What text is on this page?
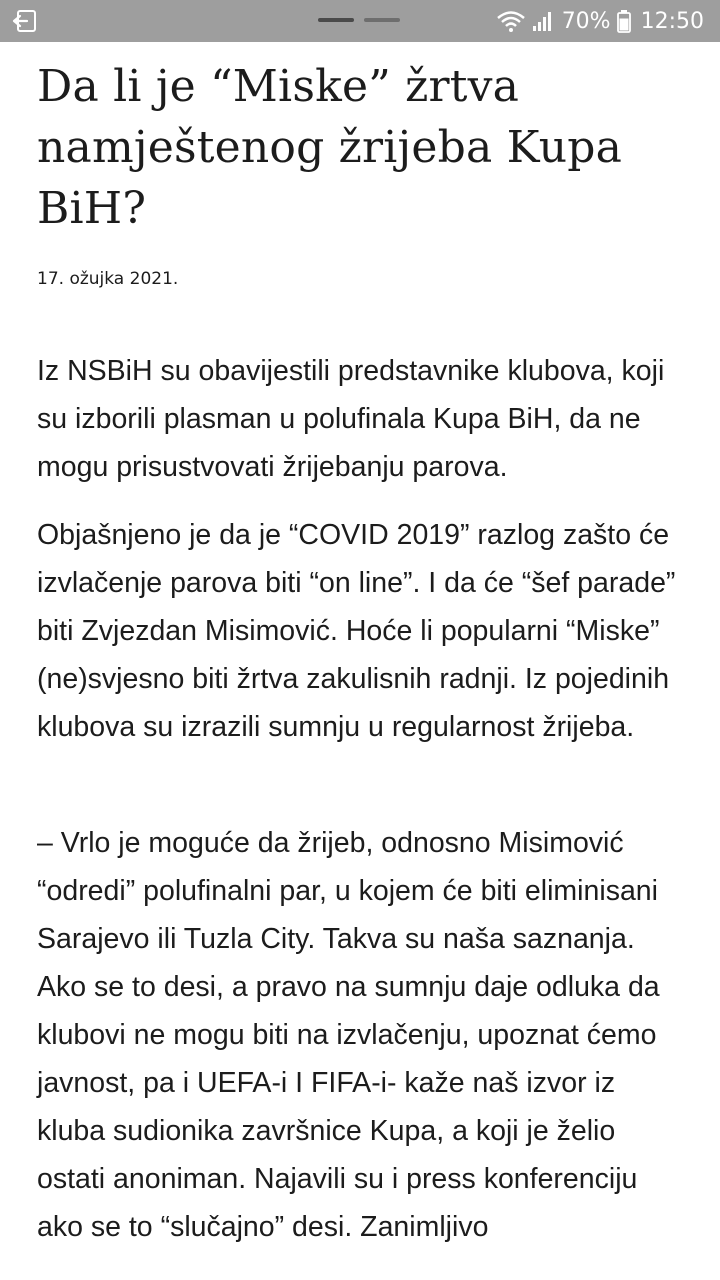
70% 12:50
Da li je “Miske” žrtva namještenog žrijeba Kupa BiH?
17. ožujka 2021.

Iz NSBiH su obavijestili predstavnike klubova, koji su izborili plasman u polufinala Kupa BiH, da ne mogu prisustvovati žrijebanju parova.

Objašnjeno je da je “COVID 2019” razlog zašto će izvlačenje parova biti “on line”. I da će “šef parade” biti Zvjezdan Misimović. Hoće li popularni “Miske” (ne)svjesno biti žrtva zakulisnih radnji. Iz pojedinih klubova su izrazili sumnju u regularnost žrijeba.

– Vrlo je moguće da žrijeb, odnosno Misimović “odredi” polufinalni par, u kojem će biti eliminisani Sarajevo ili Tuzla City. Takva su naša saznanja. Ako se to desi, a pravo na sumnju daje odluka da klubovi ne mogu biti na izvlačenju, upoznat ćemo javnost, pa i UEFA-i I FIFA-i- kaže naš izvor iz kluba sudionika završnice Kupa, a koji je želio ostati anoniman. Najavili su i press konferenciju ako se to “slučajno” desi. Zanimljivo
